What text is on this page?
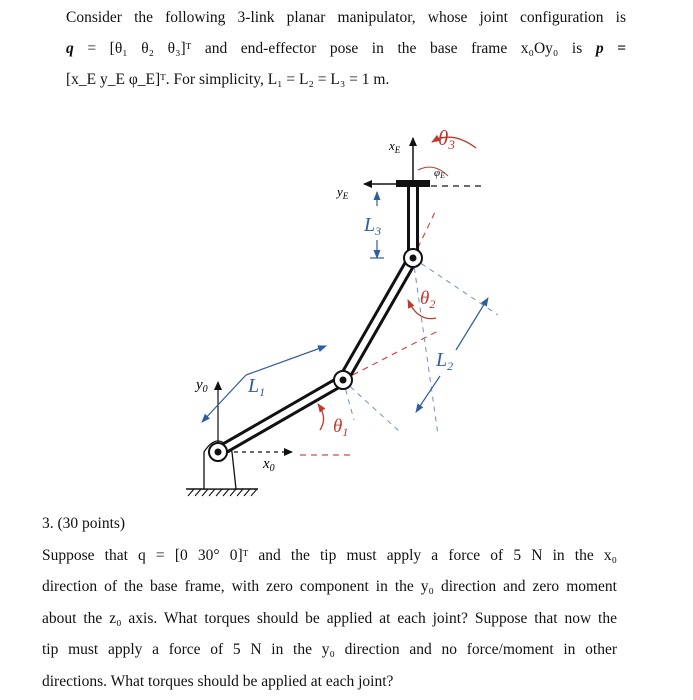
Consider the following 3-link planar manipulator, whose joint configuration is
q = [θ₁ θ₂ θ₃]ᵀ and end-effector pose in the base frame x₀Oy₀ is p =
[x_E y_E φ_E]ᵀ. For simplicity, L₁ = L₂ = L₃ = 1 m.
$y_0$
$x_0$
$x_E$
$y_E$
$L_1$
$L_2$
$L_3$
$\theta_1$
$\theta_2$
θ3
φE
3. (30 points)
Suppose that q = [0 30° 0]ᵀ and the tip must apply a force of 5 N in the x₀
direction of the base frame, with zero component in the y₀ direction and zero moment
about the z₀ axis. What torques should be applied at each joint? Suppose that now the
tip must apply a force of 5 N in the y₀ direction and no force/moment in other
directions. What torques should be applied at each joint?
